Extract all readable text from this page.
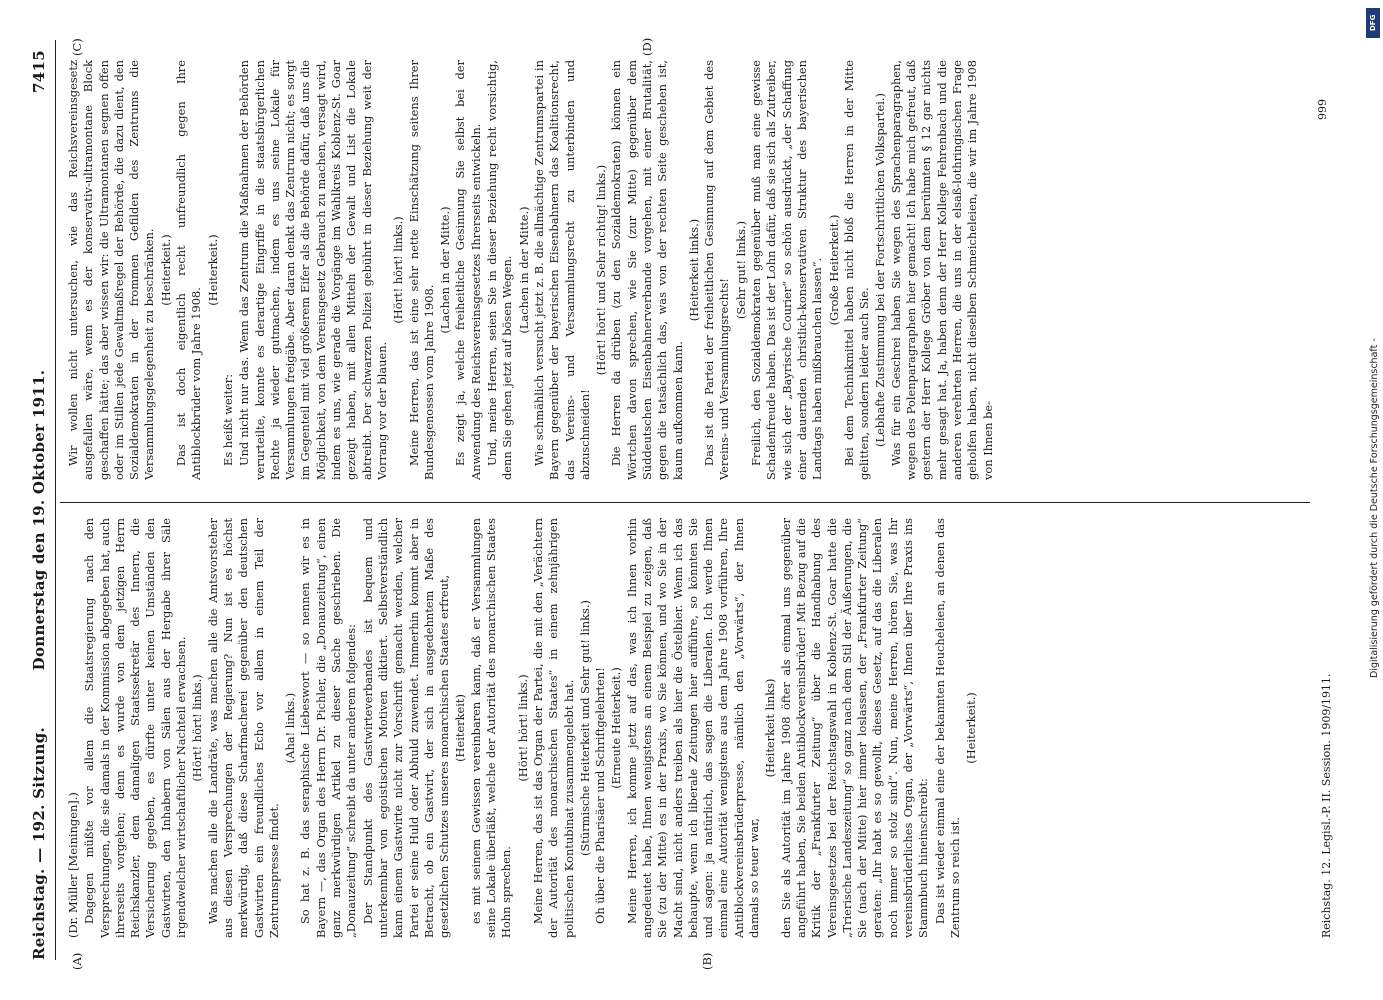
Reichstag. — 192. Sitzung.
Donnerstag den 19. Oktober 1911.
7415
(A)	(B)
(C)	(D)

(Dr. Müller [Meiningen].) Dagegen müßte vor allem die Staatsregierung nach den Versprechungen, die sie damals in der Kommission abgegeben hat, auch ihrerseits vorgehen; denn es wurde von dem jetzigen Herrn Reichskanzler, dem damaligen Staatssekretär des Innern, die Versicherung gegeben, es dürfte unter keinen Umständen den Gastwirten, den Inhabern von Sälen aus der Hergabe ihrer Säle irgendwelcher wirtschaftlicher Nachteil erwachsen. (Hört! hört! links.) Was machen alle die Landräte, was machen alle die Amtsvorsteher aus diesen Versprechungen der Regierung? Nun ist es höchst merkwürdig, daß diese Scharfmacherei gegenüber den deutschen Gastwirten ein freundliches Echo vor allem in einem Teil der Zentrumspresse findet.

(Aha! links.) So hat z. B. das seraphische Liebeswort — so nennen wir es in Bayern —, das Organ des Herrn Dr. Pichler, die „Donauzeitung“, einen ganz merkwürdigen Artikel zu dieser Sache geschrieben. Die „Donauzeitung“ schreibt da unter anderem folgendes: Der Standpunkt des Gastwirteverbandes ist bequem und unterkennbar von egoistischen Motiven diktiert. Selbstverständlich kann einem Gastwirte nicht zur Vorschrift gemacht werden, welcher Partei er seine Huld oder Abhuld zuwendet. Immerhin kommt aber in Betracht, ob ein Gastwirt, der sich in ausgedehntem Maße des gesetzlichen Schutzes unseres monarchischen Staates erfreut, (Heiterkeit) es mit seinem Gewissen vereinbaren kann, daß er Versammlungen seine Lokale überläßt, welche der Autorität des monarchischen Staates Hohn sprechen.

(Hört! hört! links.) Meine Herren, das ist das Organ der Partei, die mit den „Verächtern der Autorität des monarchischen Staates“ in einem zehnjährigen politischen Kontubinat zusammengelebt hat. (Stürmische Heiterkeit und Sehr gut! links.) Oh über die Pharisäer und Schriftgelehrten! (Erneute Heiterkeit.) Meine Herren, ich komme jetzt auf das, was ich Ihnen vorhin angedeutet habe, Ihnen wenigstens an einem Beispiel zu zeigen, daß Sie (zu der Mitte) es in der Praxis, wo Sie können, und wo Sie in der Macht sind, nicht anders treiben als hier die Östelbier. Wenn ich das behaupte, wenn ich liberale Zeitungen hier aufführe, so könnten Sie und sagen: ja natürlich, das sagen die Liberalen. Ich werde Ihnen einmal eine Autorität wenigstens aus dem Jahre 1908 vorführen, Ihre Antiblockvereinsbrüderpresse, nämlich den „Vorwärts“, der Ihnen damals so teuer war,

(Heiterkeit links) den Sie als Autorität im Jahre 1908 öfter als einmal uns gegenüber angeführt haben, Sie beiden Antiblockvereinsbrüder! Mit Bezug auf die Kritik der „Frankfurter Zeitung“ über die Handhabung des Vereinsgesetzes bei der Reichstagswahl in Koblenz-St. Goar hatte die „Trierische Landeszeitung“ so ganz nach dem Stil der Äußerungen, die Sie (nach der Mitte) hier immer loslassen, der „Frankfurter Zeitung“ geraten: „Ihr habt es so gewollt, dieses Gesetz, auf das die Liberalen noch immer so stolz sind“. Nun, meine Herren, hören Sie, was Ihr vereinsbrüderliches Organ, der „Vorwärts“, Ihnen über Ihre Praxis ins Stammbuch hineinschreibt: Das ist wieder einmal eine der bekannten Heucheleien, an denen das Zentrum so reich ist.

(Heiterkeit.)

Wir wollen nicht untersuchen, wie das Reichsvereinsgesetz ausgefallen wäre, wenn es der konservativ-ultramontane Block geschaffen hätte; das aber wissen wir: die Ultramontanen segnen offen oder im Stillen jede Gewaltmaßregel der Behörde, die dazu dient, den Sozialdemokraten in der frommen Gefilden des Zentrums die Versammlungsgelegenheit zu beschränken. (Heiterkeit.) Das ist doch eigentlich recht unfreundlich gegen Ihre Antiblockbrüder vom Jahre 1908.

(Heiterkeit.)

Es heißt weiter: Und nicht nur das. Wenn das Zentrum die Maßnahmen der Behörden verurteilte, konnte es derartige Eingriffe in die staatsbürgerlichen Rechte ja wieder gutmachen, indem es uns seine Lokale für Versammlungen freigäbe. Aber daran denkt das Zentrum nicht; es sorgt im Gegenteil mit viel größerem Eifer als die Behörde dafür, daß uns die Möglichkeit, von dem Vereinsgesetz Gebrauch zu machen, versagt wird, indem es uns, wie gerade die Vorgänge im Wahlkreis Koblenz-St. Goar gezeigt haben, mit allen Mitteln der Gewalt und List die Lokale abtreibt. Der schwarzen Polizei gebührt in dieser Beziehung weit der Vorrang vor der blauen.

(Hört! hört! links.) Meine Herren, das ist eine sehr nette Einschätzung seitens Ihrer Bundesgenossen vom Jahre 1908.

(Lachen in der Mitte.) Es zeigt ja, welche freiheitliche Gesinnung Sie selbst bei der Anwendung des Reichsvereinsgesetzes Ihrerseits entwickeln. Und, meine Herren, seien Sie in dieser Beziehung recht vorsichtig, denn Sie gehen jetzt auf bösen Wegen. (Lachen in der Mitte.) Wie schmählich versucht jetzt z. B. die allmächtige Zentrumspartei in Bayern gegenüber der bayerischen Eisenbahnern das Koalitionsrecht, das Vereins- und Versammlungsrecht zu unterbinden und abzuschneiden!

(Hört! hört! und Sehr richtig! links.) Die Herren da drüben (zu den Sozialdemokraten) können ein Wörtchen davon sprechen, wie Sie (zur Mitte) gegenüber dem Süddeutschen Eisenbahnerverbande vorgehen, mit einer Brutalität, gegen die tatsächlich das, was von der rechten Seite geschehen ist, kaum aufkommen kann.

(Heiterkeit links.) Das ist die Partei der freiheitlichen Gesinnung auf dem Gebiet des Vereins- und Versammlungsrechts!

(Sehr gut! links.) Freilich, den Sozialdemokraten gegenüber muß man eine gewisse Schadenfreude haben. Das ist der Lohn dafür, daß sie sich als Zutreiber, wie sich der „Bayrische Courier“ so schön ausdrückt, „der Schaffung einer dauernden christlich-konservativen Struktur des bayerischen Landtags haben mißbrauchen lassen“. (Große Heiterkeit.) Bei dem Technikmittel haben nicht bloß die Herren in der Mitte gelitten, sondern leider auch Sie. (Lebhafte Zustimmung bei der Fortschrittlichen Volkspartei.) Was für ein Geschrei haben Sie wegen des Sprachenparagraphen, wegen des Polenparagraphen hier gemacht! Ich habe mich gefreut, daß gestern der Herr Kollege Gröber von dem berühmten § 12 gar nichts mehr gesagt hat. Ja, haben denn der Herr Kollege Fehrenbach und die anderen verehrten Herren, die uns in der elsaß-lothringischen Frage geholfen haben, nicht dieselben Schmeicheleien, die wir im Jahre 1908 von Ihnen be-

Reichstag. 12. Legisl.-P. II. Session. 1909/1911.
999
DFG
Digitalisierung gefördert durch die Deutsche Forschungsgemeinschaft -
